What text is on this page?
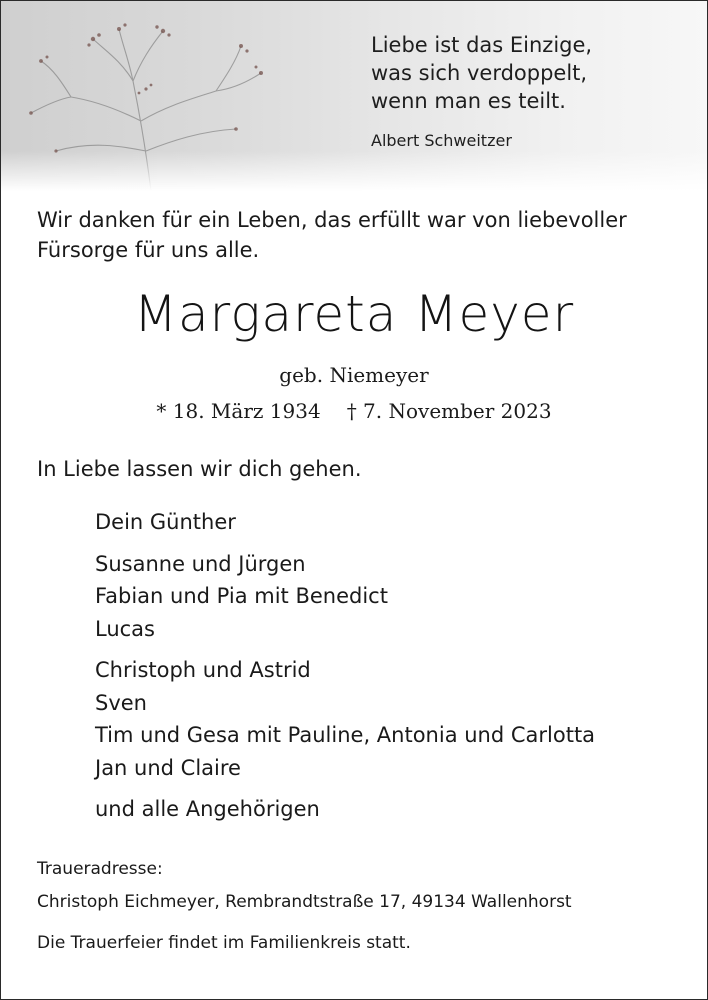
Liebe ist das Einzige,
was sich verdoppelt,
wenn man es teilt.
Albert Schweitzer
Wir danken für ein Leben, das erfüllt war von liebevoller
Fürsorge für uns alle.
Margareta Meyer
geb. Niemeyer
* 18. März 1934 † 7. November 2023
In Liebe lassen wir dich gehen.
Dein Günther
Susanne und Jürgen
Fabian und Pia mit Benedict
Lucas
Christoph und Astrid
Sven
Tim und Gesa mit Pauline, Antonia und Carlotta
Jan und Claire
und alle Angehörigen
Traueradresse:
Christoph Eichmeyer, Rembrandtstraße 17, 49134 Wallenhorst
Die Trauerfeier findet im Familienkreis statt.
